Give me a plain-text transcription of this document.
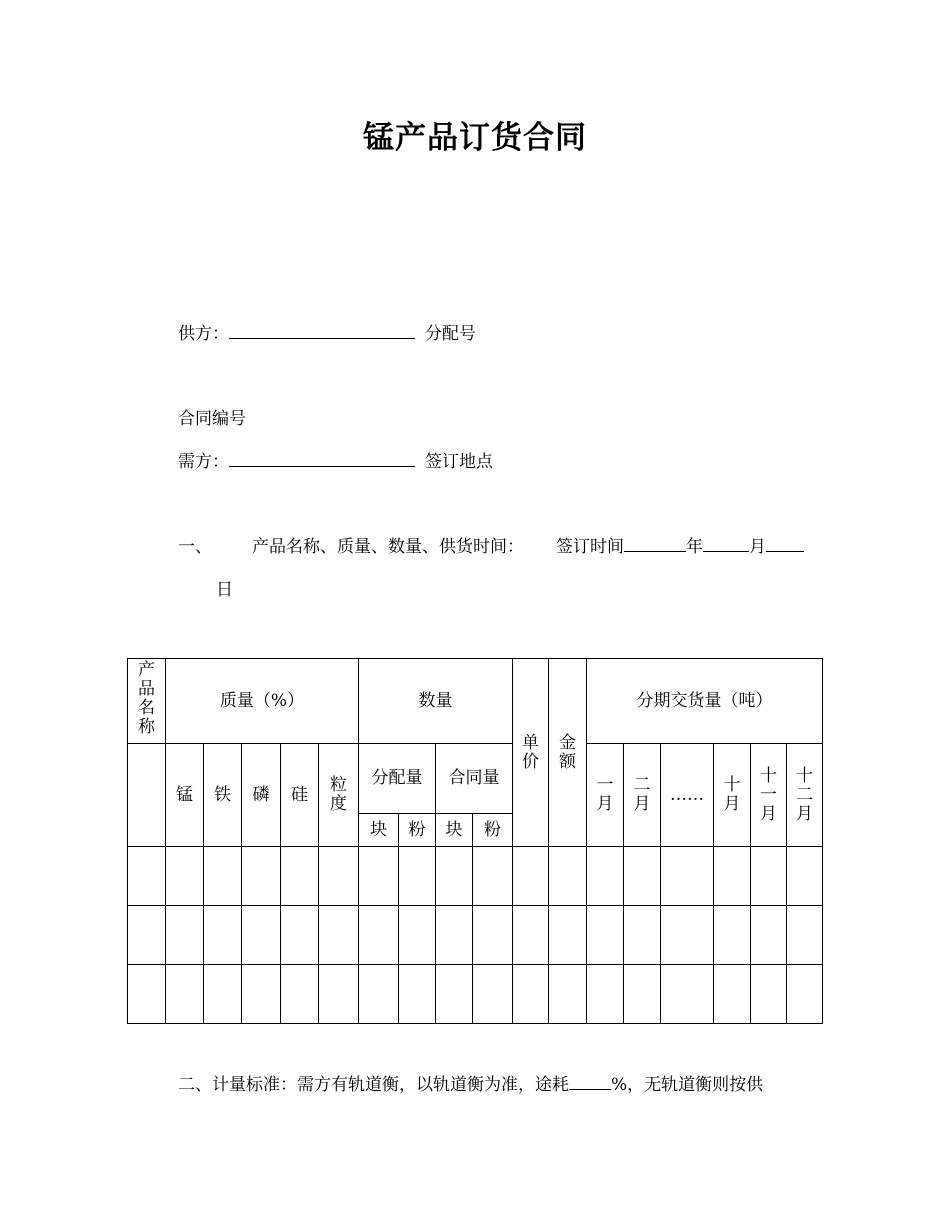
锰产品订货合同
供方：	分配号
合同编号
需方：	签订地点
一、 产品名称、质量、数量、供货时间： 签订时间	年	月
日
产品名称	质量（%）					数量				单价	金额	分期交货量（吨）					
	锰	铁	磷	硅	粒度	分配量		合同量				一月	二月	……	十月	十一月	十二月
						块	粉	块	粉								

二、计量标准：需方有轨道衡，以轨道衡为准，途耗 %，无轨道衡则按供
